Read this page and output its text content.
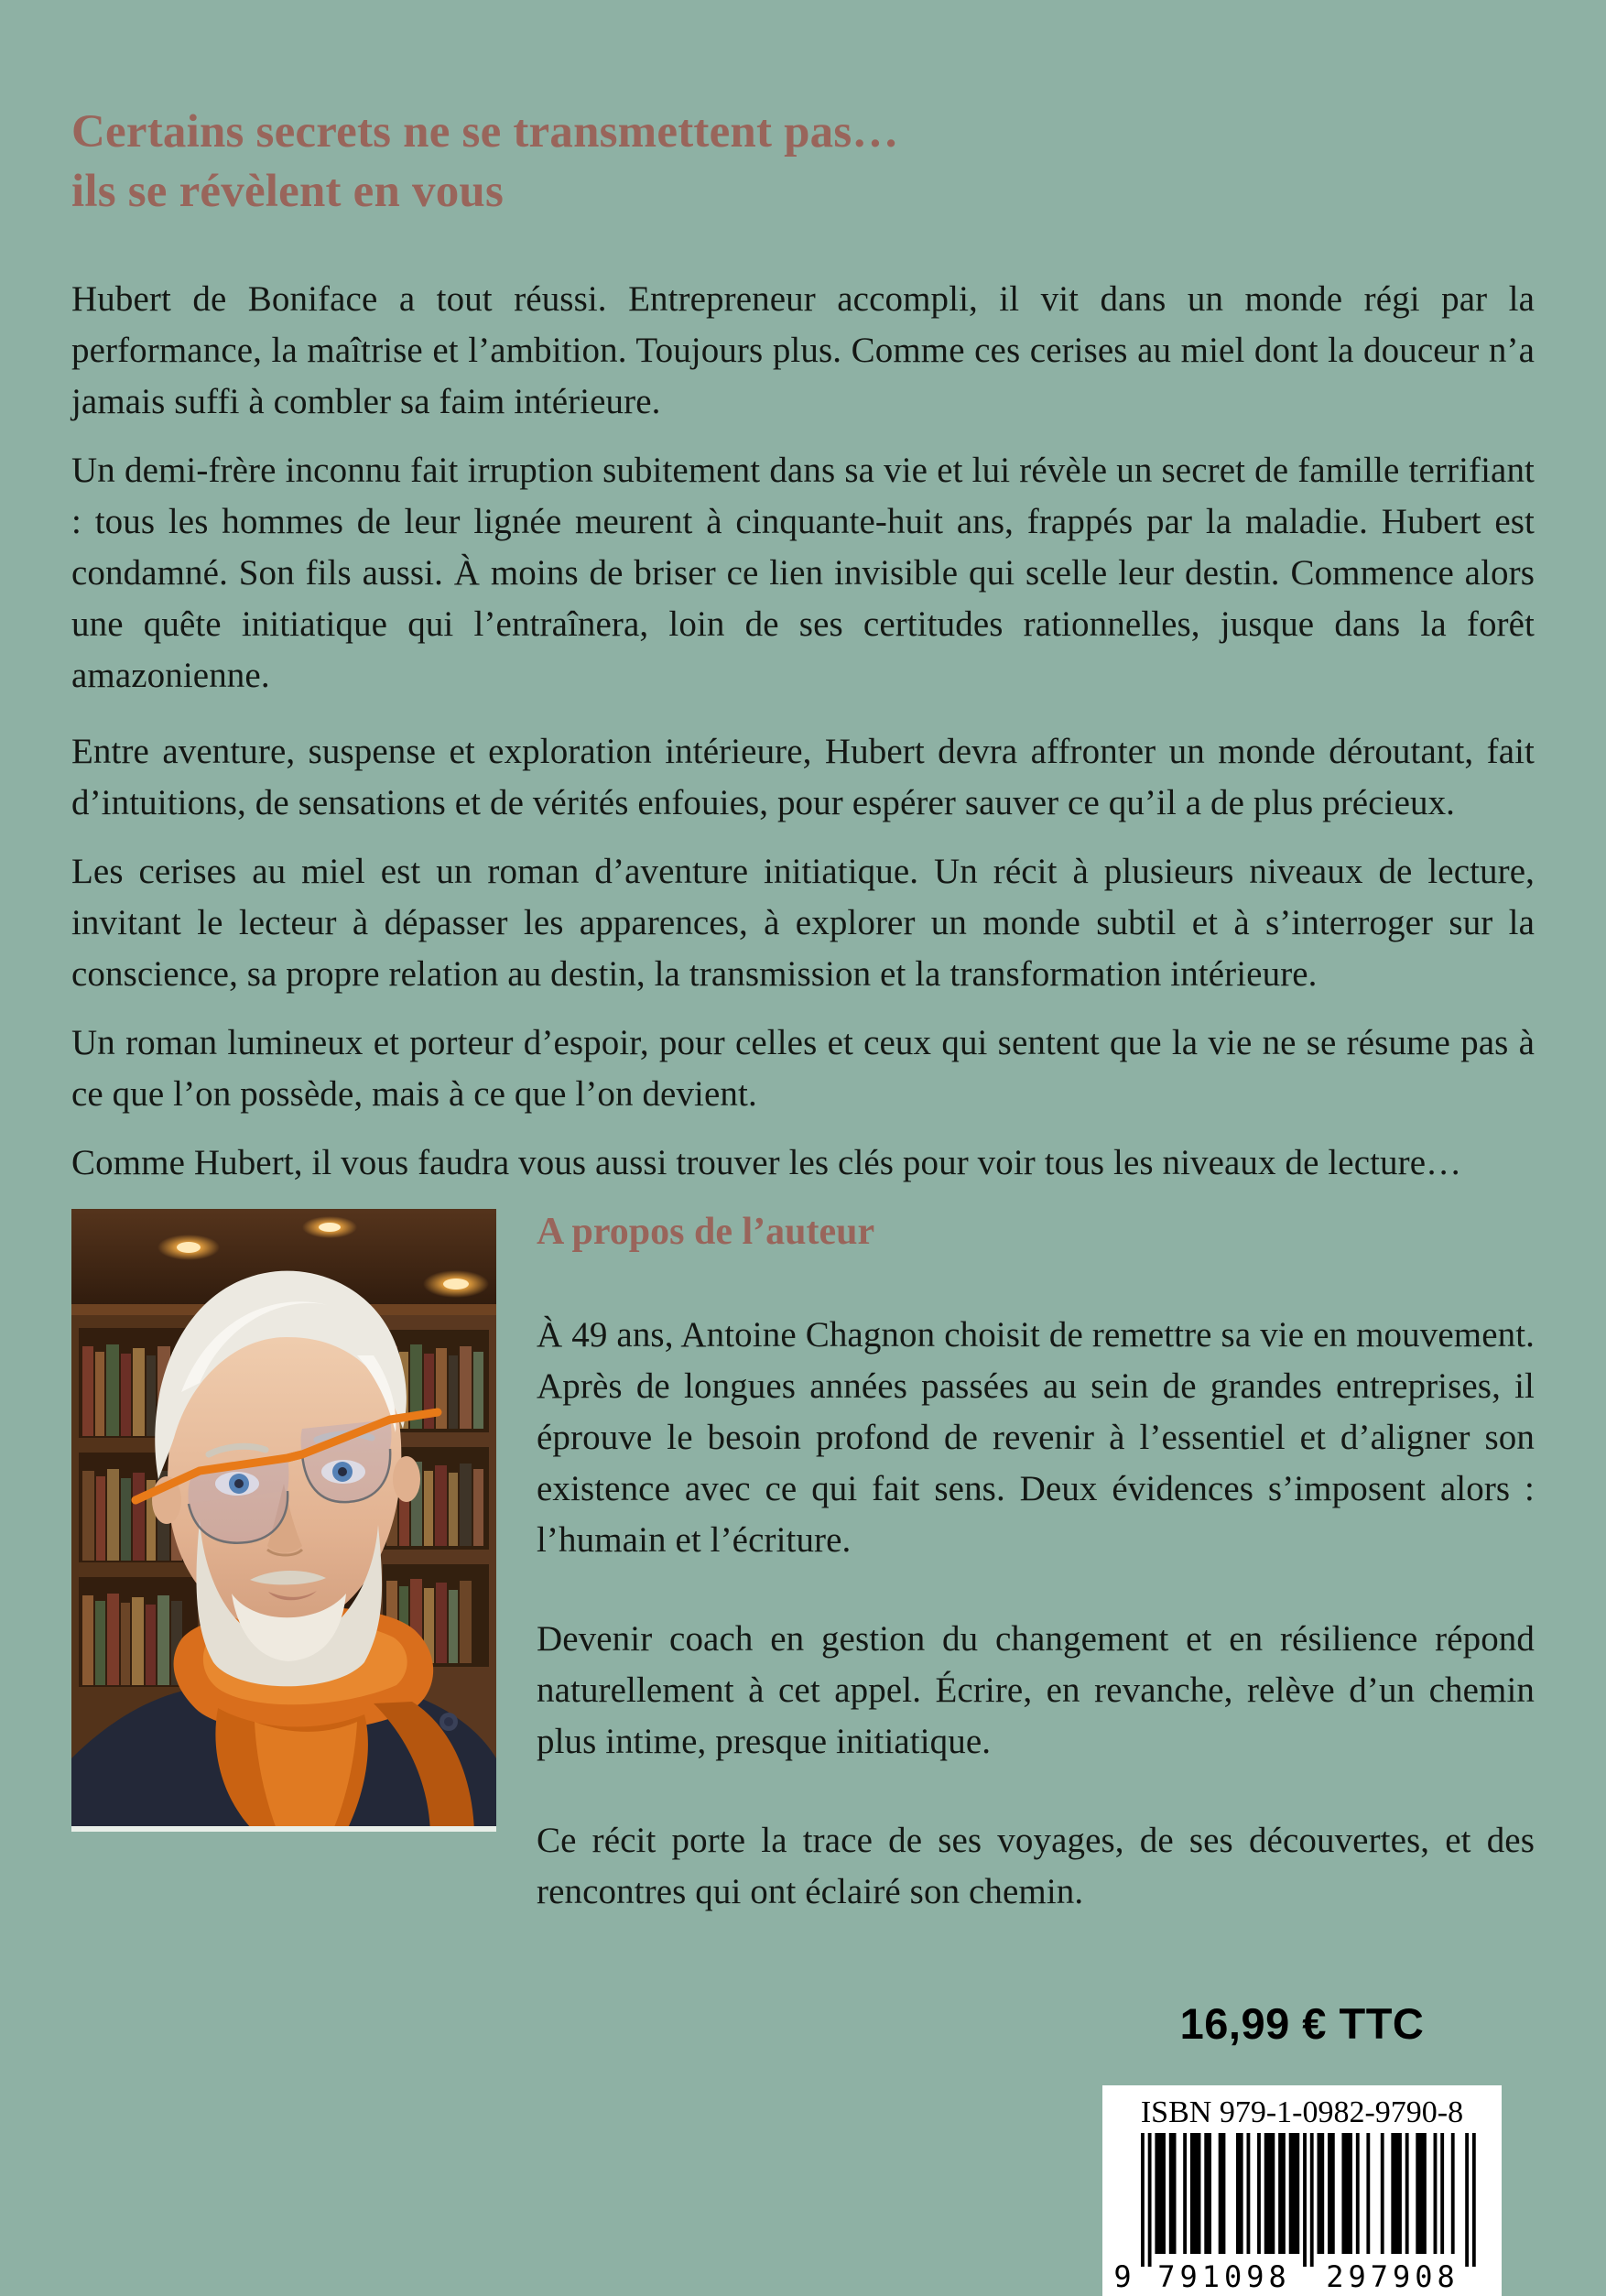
Certains secrets ne se transmettent pas…
ils se révèlent en vous

Hubert de Boniface a tout réussi. Entrepreneur accompli, il vit dans un monde régi par la performance, la maîtrise et l’ambition. Toujours plus. Comme ces cerises au miel dont la douceur n’a jamais suffi à combler sa faim intérieure.

Un demi-frère inconnu fait irruption subitement dans sa vie et lui révèle un secret de famille terrifiant : tous les hommes de leur lignée meurent à cinquante-huit ans, frappés par la maladie. Hubert est condamné. Son fils aussi. À moins de briser ce lien invisible qui scelle leur destin. Commence alors une quête initiatique qui l’entraînera, loin de ses certitudes rationnelles, jusque dans la forêt amazonienne.

Entre aventure, suspense et exploration intérieure, Hubert devra affronter un monde déroutant, fait d’intuitions, de sensations et de vérités enfouies, pour espérer sauver ce qu’il a de plus précieux.

Les cerises au miel est un roman d’aventure initiatique. Un récit à plusieurs niveaux de lecture, invitant le lecteur à dépasser les apparences, à explorer un monde subtil et à s’interroger sur la conscience, sa propre relation au destin, la transmission et la transformation intérieure.

Un roman lumineux et porteur d’espoir, pour celles et ceux qui sentent que la vie ne se résume pas à ce que l’on possède, mais à ce que l’on devient.

Comme Hubert, il vous faudra vous aussi trouver les clés pour voir tous les niveaux de lecture…

A propos de l’auteur

À 49 ans, Antoine Chagnon choisit de remettre sa vie en mouvement. Après de longues années passées au sein de grandes entreprises, il éprouve le besoin profond de revenir à l’essentiel et d’aligner son existence avec ce qui fait sens. Deux évidences s’imposent alors : l’humain et l’écriture.

Devenir coach en gestion du changement et en résilience répond naturellement à cet appel. Écrire, en revanche, relève d’un chemin plus intime, presque initiatique.

Ce récit porte la trace de ses voyages, de ses découvertes, et des rencontres qui ont éclairé son chemin.

16,99 € TTC
ISBN 979-1-0982-9790-8
9 791098 297908
